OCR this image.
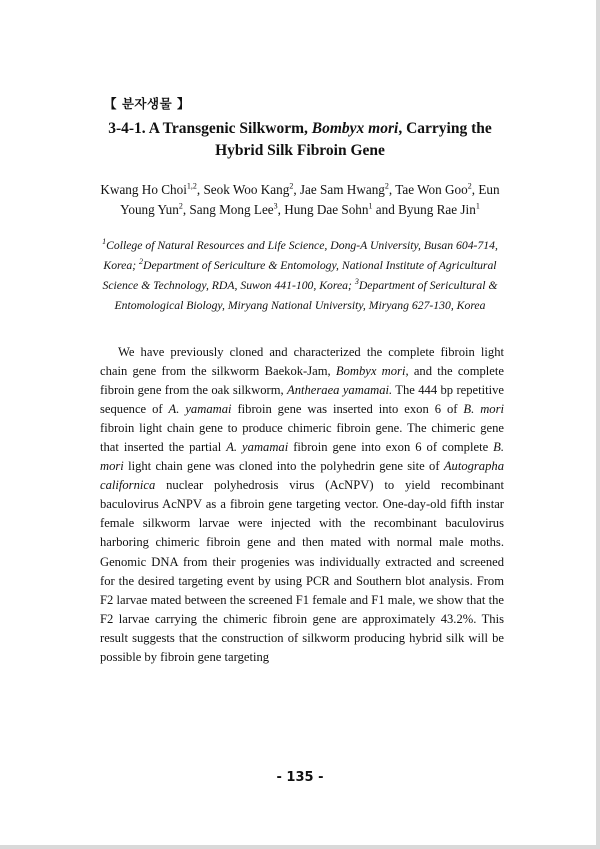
【 분자생물 】
3-4-1. A Transgenic Silkworm, Bombyx mori, Carrying the
Hybrid Silk Fibroin Gene
Kwang Ho Choi$^{1,2}$, Seok Woo Kang$^2$, Jae Sam Hwang$^2$, Tae Won Goo$^2$, Eun Young Yun$^2$, Sang Mong Lee$^3$, Hung Dae Sohn$^1$ and Byung Rae Jin$^1$
$^1$College of Natural Resources and Life Science, Dong-A University, Busan 604-714, Korea; $^2$Department of Sericulture & Entomology, National Institute of Agricultural Science & Technology, RDA, Suwon 441-100, Korea; $^3$Department of Sericultural & Entomological Biology, Miryang National University, Miryang 627-130, Korea
We have previously cloned and characterized the complete fibroin light chain gene from the silkworm Baekok-Jam, Bombyx mori, and the complete fibroin gene from the oak silkworm, Antheraea yamamai. The 444 bp repetitive sequence of A. yamamai fibroin gene was inserted into exon 6 of B. mori fibroin light chain gene to produce chimeric fibroin gene. The chimeric gene that inserted the partial A. yamamai fibroin gene into exon 6 of complete B. mori light chain gene was cloned into the polyhedrin gene site of Autographa californica nuclear polyhedrosis virus (AcNPV) to yield recombinant baculovirus AcNPV as a fibroin gene targeting vector. One-day-old fifth instar female silkworm larvae were injected with the recombinant baculovirus harboring chimeric fibroin gene and then mated with normal male moths. Genomic DNA from their progenies was individually extracted and screened for the desired targeting event by using PCR and Southern blot analysis. From F2 larvae mated between the screened F1 female and F1 male, we show that the F2 larvae carrying the chimeric fibroin gene are approximately 43.2%. This result suggests that the construction of silkworm producing hybrid silk will be possible by fibroin gene targeting
- 135 -
